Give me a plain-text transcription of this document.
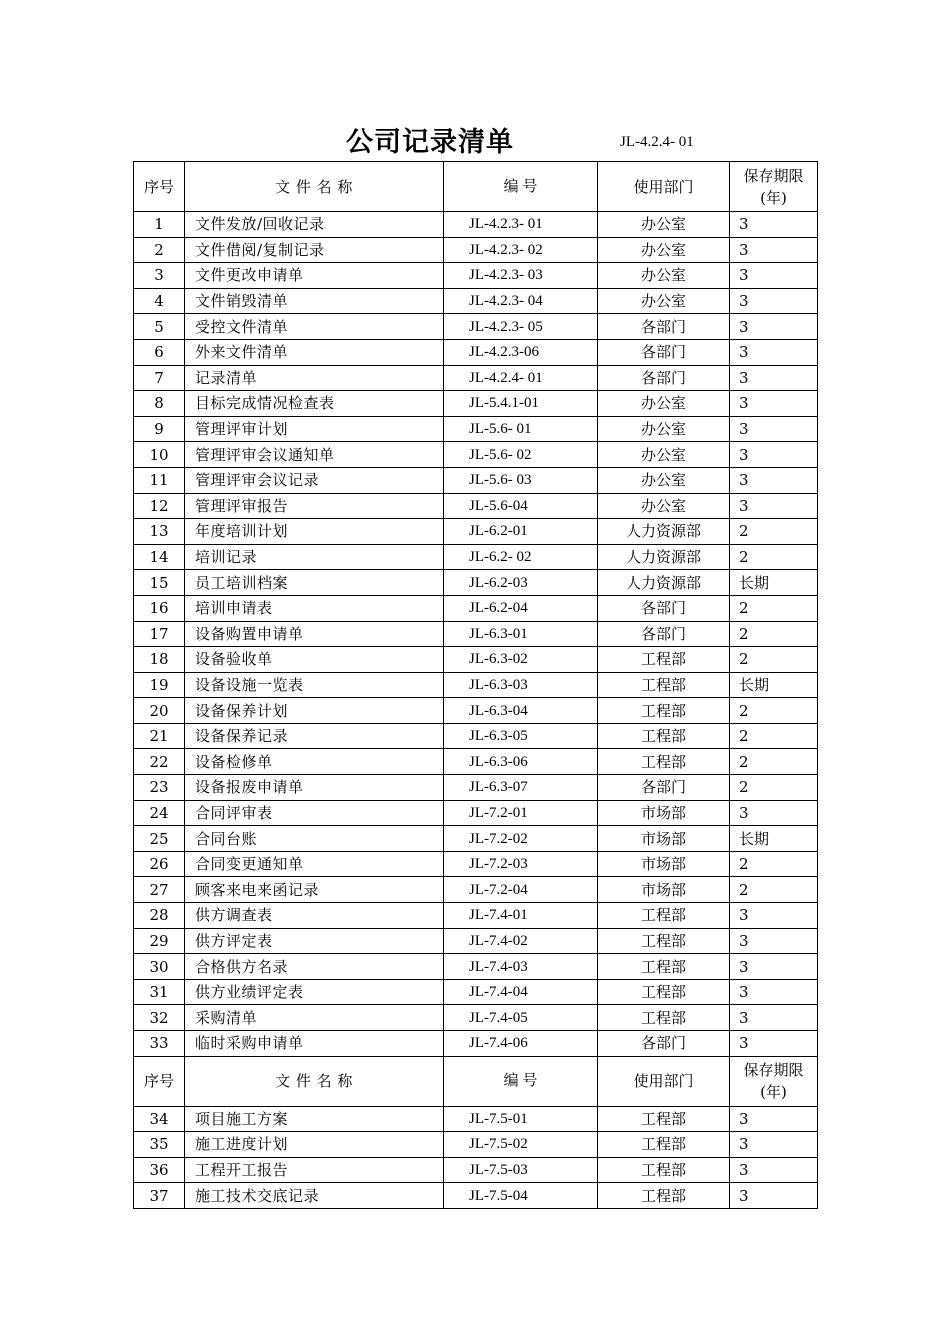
公司记录清单	JL-4.2.4- 01
序号	文 件 名 称	编 号	使用部门	保存期限
(年)

1	文件发放/回收记录	JL-4.2.3- 01	办公室	3
2	文件借阅/复制记录	JL-4.2.3- 02	办公室	3
3	文件更改申请单	JL-4.2.3- 03	办公室	3
4	文件销毁清单	JL-4.2.3- 04	办公室	3
5	受控文件清单	JL-4.2.3- 05	各部门	3
6	外来文件清单	JL-4.2.3-06	各部门	3
7	记录清单	JL-4.2.4- 01	各部门	3
8	目标完成情况检查表	JL-5.4.1-01	办公室	3
9	管理评审计划	JL-5.6- 01	办公室	3
10	管理评审会议通知单	JL-5.6- 02	办公室	3
11	管理评审会议记录	JL-5.6- 03	办公室	3
12	管理评审报告	JL-5.6-04	办公室	3
13	年度培训计划	JL-6.2-01	人力资源部	2
14	培训记录	JL-6.2- 02	人力资源部	2
15	员工培训档案	JL-6.2-03	人力资源部	长期
16	培训申请表	JL-6.2-04	各部门	2
17	设备购置申请单	JL-6.3-01	各部门	2
18	设备验收单	JL-6.3-02	工程部	2
19	设备设施一览表	JL-6.3-03	工程部	长期
20	设备保养计划	JL-6.3-04	工程部	2
21	设备保养记录	JL-6.3-05	工程部	2
22	设备检修单	JL-6.3-06	工程部	2
23	设备报废申请单	JL-6.3-07	各部门	2
24	合同评审表	JL-7.2-01	市场部	3
25	合同台账	JL-7.2-02	市场部	长期
26	合同变更通知单	JL-7.2-03	市场部	2
27	顾客来电来函记录	JL-7.2-04	市场部	2
28	供方调查表	JL-7.4-01	工程部	3
29	供方评定表	JL-7.4-02	工程部	3
30	合格供方名录	JL-7.4-03	工程部	3
31	供方业绩评定表	JL-7.4-04	工程部	3
32	采购清单	JL-7.4-05	工程部	3
33	临时采购申请单	JL-7.4-06	各部门	3
序号	文 件 名 称	编 号	使用部门	保存期限
(年)

34	项目施工方案	JL-7.5-01	工程部	3
35	施工进度计划	JL-7.5-02	工程部	3
36	工程开工报告	JL-7.5-03	工程部	3
37	施工技术交底记录	JL-7.5-04	工程部	3
